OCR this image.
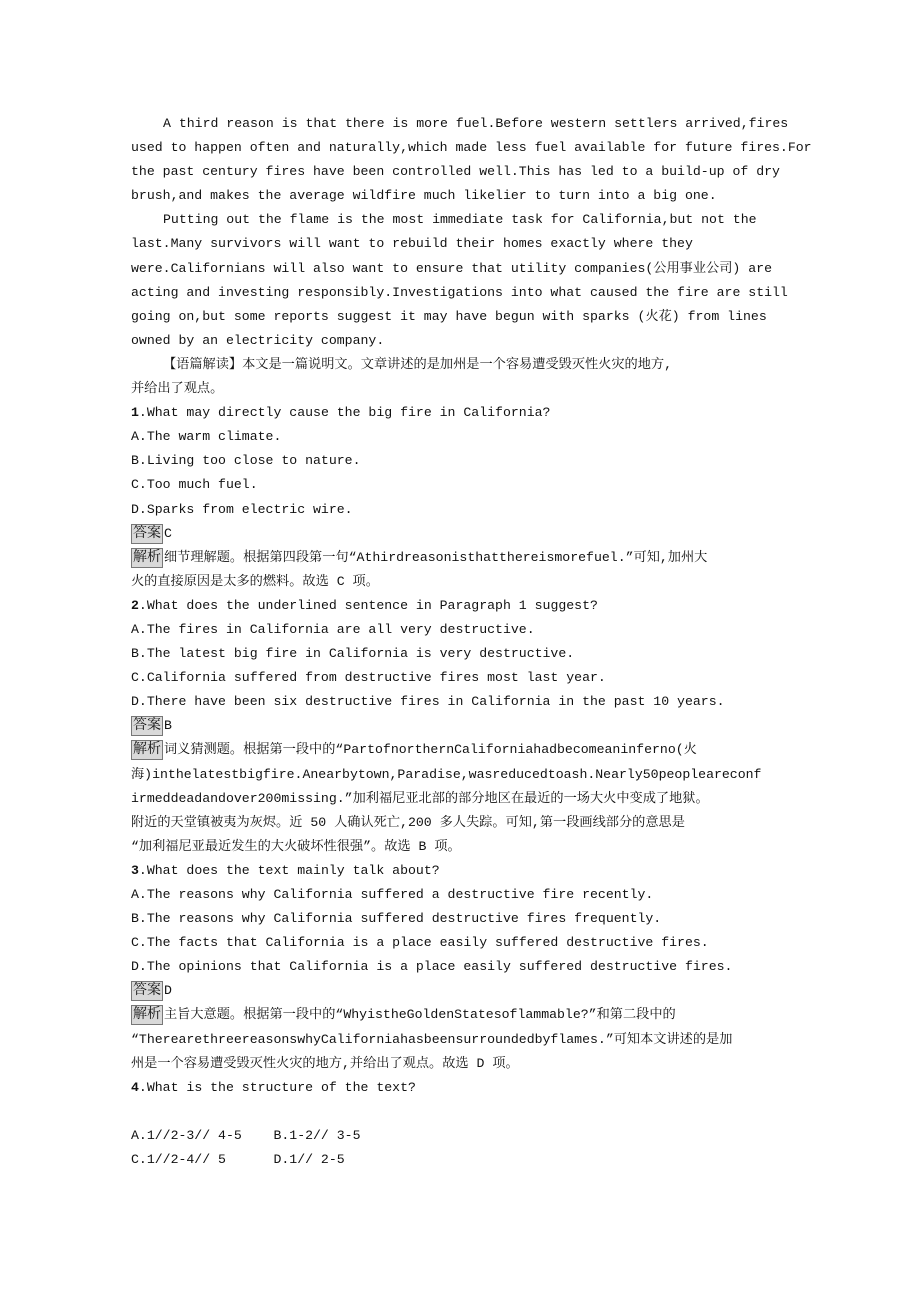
A third reason is that there is more fuel.Before western settlers arrived,fires
used to happen often and naturally,which made less fuel available for future fires.For
the past century fires have been controlled well.This has led to a build-up of dry
brush,and makes the average wildfire much likelier to turn into a big one.
Putting out the flame is the most immediate task for California,but not the
last.Many survivors will want to rebuild their homes exactly where they
were.Californians will also want to ensure that utility companies(公用事业公司) are
acting and investing responsibly.Investigations into what caused the fire are still
going on,but some reports suggest it may have begun with sparks (火花) from lines
owned by an electricity company.
【语篇解读】本文是一篇说明文。文章讲述的是加州是一个容易遭受毁灭性火灾的地方,
并给出了观点。
1.What may directly cause the big fire in California?
A.The warm climate.
B.Living too close to nature.
C.Too much fuel.
D.Sparks from electric wire.
答案 C
解析 细节理解题。根据第四段第一句“Athirdreasonisthatthereismorefuel.”可知,加州大
火的直接原因是太多的燃料。故选 C 项。
2.What does the underlined sentence in Paragraph 1 suggest?
A.The fires in California are all very destructive.
B.The latest big fire in California is very destructive.
C.California suffered from destructive fires most last year.
D.There have been six destructive fires in California in the past 10 years.
答案 B
解析 词义猜测题。根据第一段中的“PartofnorthernCaliforniahadbecomeaninferno(火
海)inthelatestbigfire.Anearbytown,Paradise,wasreducedtoash.Nearly50peopleareconf
irmeddeadandover200missing.”加利福尼亚北部的部分地区在最近的一场大火中变成了地狱。
附近的天堂镇被夷为灰烬。近 50 人确认死亡,200 多人失踪。可知,第一段画线部分的意思是
“加利福尼亚最近发生的大火破坏性很强”。故选 B 项。
3.What does the text mainly talk about?
A.The reasons why California suffered a destructive fire recently.
B.The reasons why California suffered destructive fires frequently.
C.The facts that California is a place easily suffered destructive fires.
D.The opinions that California is a place easily suffered destructive fires.
答案 D
解析 主旨大意题。根据第一段中的“WhyistheGoldenStatesoflammable?”和第二段中的
“TherearethreereasonswhyCaliforniahasbeensurroundedbyflames.”可知本文讲述的是加
州是一个容易遭受毁灭性火灾的地方,并给出了观点。故选 D 项。
4.What is the structure of the text?
A.1//2-3// 4-5    B.1-2// 3-5
C.1//2-4// 5      D.1// 2-5
